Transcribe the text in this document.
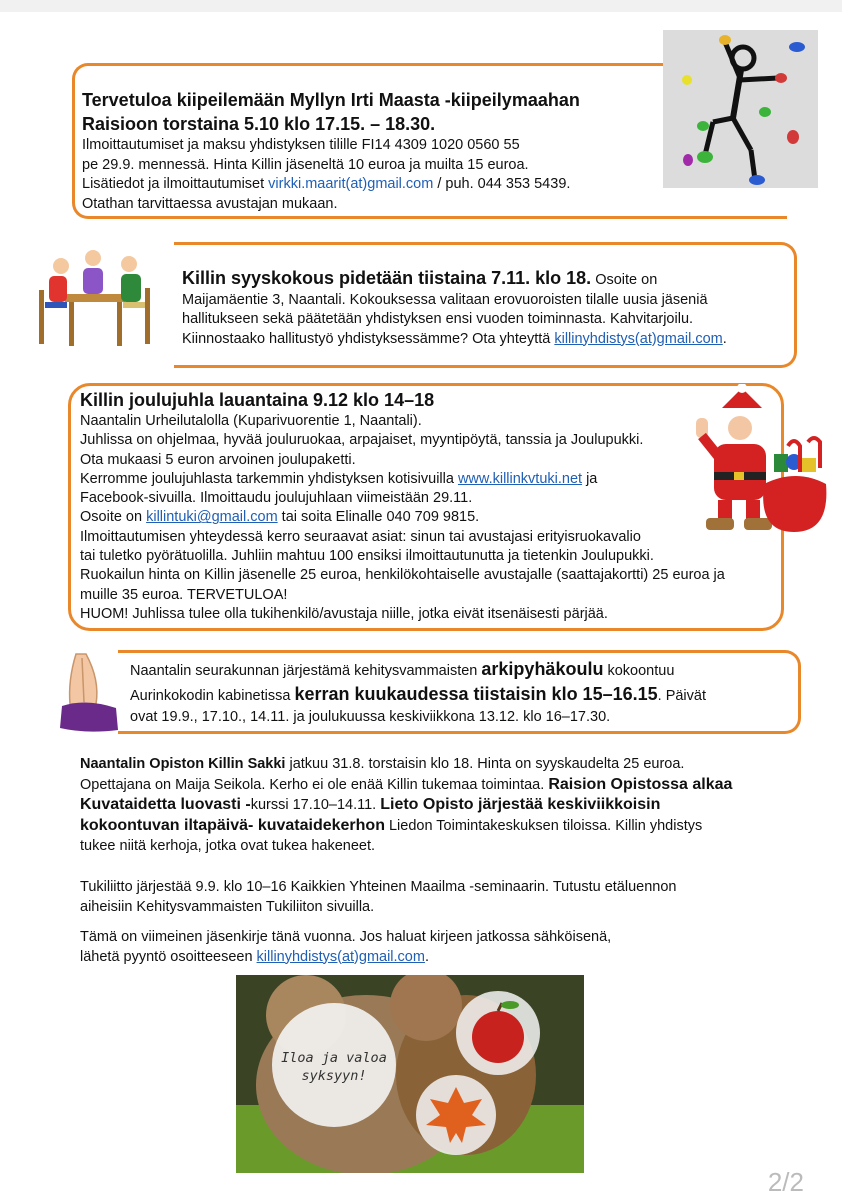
Tervetuloa kiipeilemään Myllyn Irti Maasta -kiipeilymaahan

Raisioon torstaina 5.10 klo 17.15. – 18.30.

Ilmoittautumiset ja maksu yhdistyksen tilille FI14 4309 1020 0560 55

pe 29.9. mennessä. Hinta Killin jäseneltä 10 euroa ja muilta 15 euroa.

Lisätiedot ja ilmoittautumiset virkki.maarit(at)gmail.com / puh. 044 353 5439.

Otathan tarvittaessa avustajan mukaan.

Killin syyskokous pidetään tiistaina 7.11. klo 18. Osoite on

Maijamäentie 3, Naantali. Kokouksessa valitaan erovuoroisten tilalle uusia jäseniä

hallitukseen sekä päätetään yhdistyksen ensi vuoden toiminnasta. Kahvitarjoilu.

Kiinnostaako hallitustyö yhdistyksessämme? Ota yhteyttä killinyhdistys(at)gmail.com.

Killin joulujuhla lauantaina 9.12 klo 14–18

Naantalin Urheilutalolla (Kuparivuorentie 1, Naantali).

Juhlissa on ohjelmaa, hyvää jouluruokaa, arpajaiset, myyntipöytä, tanssia ja Joulupukki.

Ota mukaasi 5 euron arvoinen joulupaketti.

Kerromme joulujuhlasta tarkemmin yhdistyksen kotisivuilla www.killinkvtuki.net ja

Facebook-sivuilla. Ilmoittaudu joulujuhlaan viimeistään 29.11.

Osoite on killintuki@gmail.com tai soita Elinalle 040 709 9815.

Ilmoittautumisen yhteydessä kerro seuraavat asiat: sinun tai avustajasi erityisruokavalio

tai tuletko pyörätuolilla. Juhliin mahtuu 100 ensiksi ilmoittautunutta ja tietenkin Joulupukki.

Ruokailun hinta on Killin jäsenelle 25 euroa, henkilökohtaiselle avustajalle (saattajakortti) 25 euroa ja

muille 35 euroa. TERVETULOA!

HUOM! Juhlissa tulee olla tukihenkilö/avustaja niille, jotka eivät itsenäisesti pärjää.

Naantalin seurakunnan järjestämä kehitysvammaisten arkipyhäkoulu kokoontuu

Aurinkokodin kabinetissa kerran kuukaudessa tiistaisin klo 15–16.15. Päivät

ovat 19.9., 17.10., 14.11. ja joulukuussa keskiviikkona 13.12. klo 16–17.30.

Naantalin Opiston Killin Sakki jatkuu 31.8. torstaisin klo 18. Hinta on syyskaudelta 25 euroa.

Opettajana on Maija Seikola. Kerho ei ole enää Killin tukemaa toimintaa. Raision Opistossa alkaa

Kuvataidetta luovasti -kurssi 17.10–14.11. Lieto Opisto järjestää keskiviikkoisin

kokoontuvan iltapäivä- kuvataidekerhon Liedon Toimintakeskuksen tiloissa. Killin yhdistys

tukee niitä kerhoja, jotka ovat tukea hakeneet.

Tukiliitto järjestää 9.9. klo 10–16 Kaikkien Yhteinen Maailma -seminaarin. Tutustu etäluennon

aiheisiin Kehitysvammaisten Tukiliiton sivuilla.

Tämä on viimeinen jäsenkirje tänä vuonna. Jos haluat kirjeen jatkossa sähköisenä,

lähetä pyyntö osoitteeseen killinyhdistys(at)gmail.com.

Iloa ja valoa

syksyyn!

2/2
